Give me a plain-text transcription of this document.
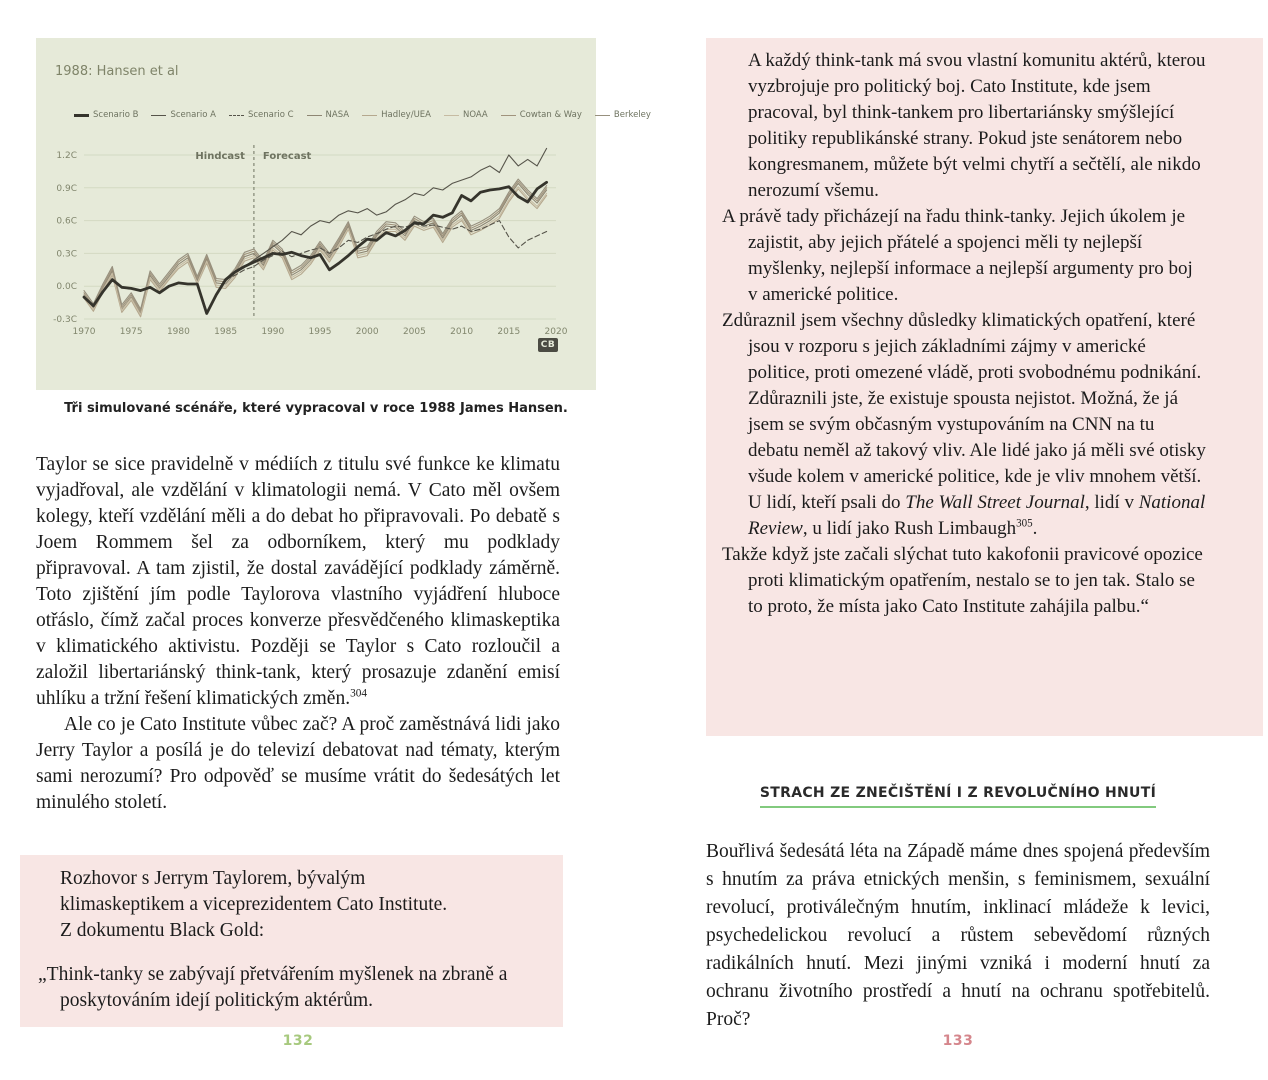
1988: Hansen et al
Scenario B	Scenario A	Scenario C	NASA	Hadley/UEA	NOAA	Cowtan & Way	Berkeley
1.2C
0.9C
0.6C
0.3C
0.0C
-0.3C
1970	1975	1980	1985	1990	1995	2000	2005	2010	2015	2020
Hindcast Forecast
CB
Tři simulované scénáře, které vypracoval v roce 1988 James Hansen.

Taylor se sice pravidelně v médiích z titulu své funkce ke klimatu vyjadřoval, ale vzdělání v klimatologii nemá. V Cato měl ovšem kolegy, kteří vzdělání měli a do debat ho připravovali. Po debatě s Joem Rommem šel za odborníkem, který mu podklady připravoval. A tam zjistil, že dostal zavádějící podklady záměrně. Toto zjištění jím podle Taylorova vlastního vyjádření hluboce otřáslo, čímž začal proces konverze přesvědčeného klimaskeptika v klimatického aktivistu. Později se Taylor s Cato rozloučil a založil libertariánský think-tank, který prosazuje zdanění emisí uhlíku a tržní řešení klimatických změn.$^{304}$

Ale co je Cato Institute vůbec zač? A proč zaměstnává lidi jako Jerry Taylor a posílá je do televizí debatovat nad tématy, kterým sami nerozumí? Pro odpověď se musíme vrátit do šedesátých let minulého století.

Rozhovor s Jerrym Taylorem, bývalým
klimaskeptikem a viceprezidentem Cato Institute.
Z dokumentu Black Gold:

„Think-tanky se zabývají přetvářením myšlenek na zbraně a poskytováním idejí politickým aktérům.

132

A každý think-tank má svou vlastní komunitu aktérů, kterou vyzbrojuje pro politický boj. Cato Institute, kde jsem pracoval, byl think-tankem pro libertariánsky smýšlející politiky republikánské strany. Pokud jste senátorem nebo kongresmanem, můžete být velmi chytří a sečtělí, ale nikdo nerozumí všemu.

A právě tady přicházejí na řadu think-tanky. Jejich úkolem je zajistit, aby jejich přátelé a spojenci měli ty nejlepší myšlenky, nejlepší informace a nejlepší argumenty pro boj v americké politice.

Zdůraznil jsem všechny důsledky klimatických opatření, které jsou v rozporu s jejich základními zájmy v americké politice, proti omezené vládě, proti svobodnému podnikání. Zdůraznili jste, že existuje spousta nejistot. Možná, že já jsem se svým občasným vystupováním na CNN na tu debatu neměl až takový vliv. Ale lidé jako já měli své otisky všude kolem v americké politice, kde je vliv mnohem větší. U lidí, kteří psali do The Wall Street Journal, lidí v National Review, u lidí jako Rush Limbaugh$^{305}$.

Takže když jste začali slýchat tuto kakofonii pravicové opozice proti klimatickým opatřením, nestalo se to jen tak. Stalo se to proto, že místa jako Cato Institute zahájila palbu.“

STRACH ZE ZNEČIŠTĚNÍ I Z REVOLUČNÍHO HNUTÍ

Bouřlivá šedesátá léta na Západě máme dnes spojená především s hnutím za práva etnických menšin, s feminismem, sexuální revolucí, protiválečným hnutím, inklinací mládeže k levici, psychedelickou revolucí a růstem sebevědomí různých radikálních hnutí. Mezi jinými vzniká i moderní hnutí za ochranu životního prostředí a hnutí na ochranu spotřebitelů. Proč?

133
